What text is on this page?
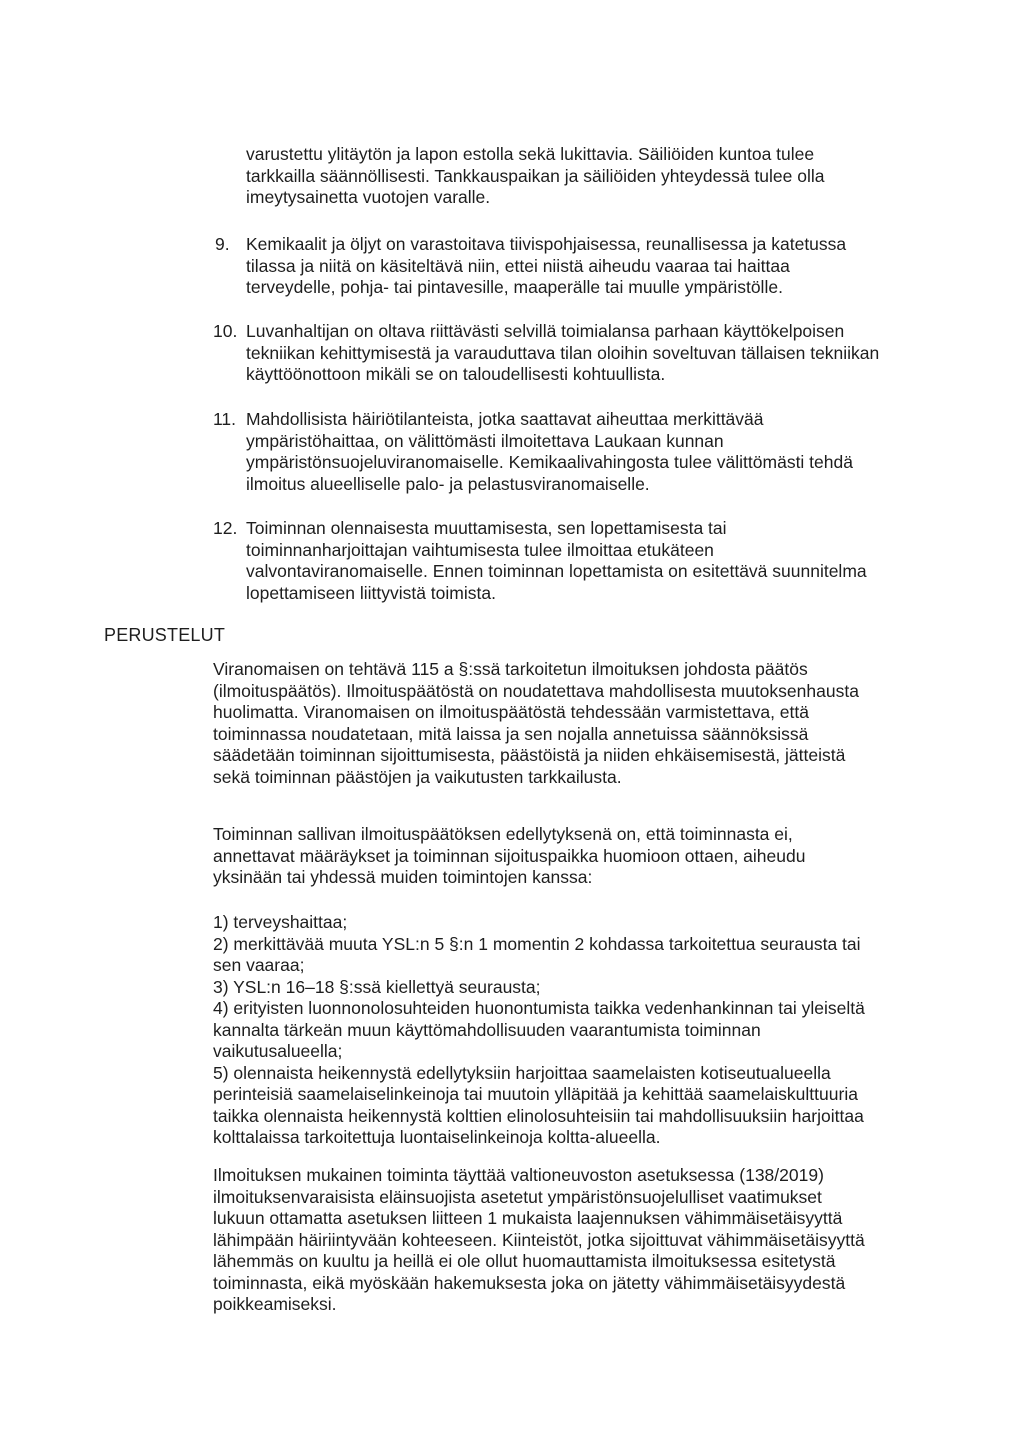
varustettu ylitäytön ja lapon estolla sekä lukittavia. Säiliöiden kuntoa tulee
tarkkailla säännöllisesti. Tankkauspaikan ja säiliöiden yhteydessä tulee olla
imeytysainetta vuotojen varalle.

9. Kemikaalit ja öljyt on varastoitava tiivispohjaisessa, reunallisessa ja katetussa
tilassa ja niitä on käsiteltävä niin, ettei niistä aiheudu vaaraa tai haittaa
terveydelle, pohja- tai pintavesille, maaperälle tai muulle ympäristölle.

10. Luvanhaltijan on oltava riittävästi selvillä toimialansa parhaan käyttökelpoisen
tekniikan kehittymisestä ja varauduttava tilan oloihin soveltuvan tällaisen tekniikan
käyttöönottoon mikäli se on taloudellisesti kohtuullista.

11. Mahdollisista häiriötilanteista, jotka saattavat aiheuttaa merkittävää
ympäristöhaittaa, on välittömästi ilmoitettava Laukaan kunnan
ympäristönsuojeluviranomaiselle. Kemikaalivahingosta tulee välittömästi tehdä
ilmoitus alueelliselle palo- ja pelastusviranomaiselle.

12. Toiminnan olennaisesta muuttamisesta, sen lopettamisesta tai
toiminnanharjoittajan vaihtumisesta tulee ilmoittaa etukäteen
valvontaviranomaiselle. Ennen toiminnan lopettamista on esitettävä suunnitelma
lopettamiseen liittyvistä toimista.

PERUSTELUT

Viranomaisen on tehtävä 115 a §:ssä tarkoitetun ilmoituksen johdosta päätös
(ilmoituspäätös). Ilmoituspäätöstä on noudatettava mahdollisesta muutoksenhausta
huolimatta. Viranomaisen on ilmoituspäätöstä tehdessään varmistettava, että
toiminnassa noudatetaan, mitä laissa ja sen nojalla annetuissa säännöksissä
säädetään toiminnan sijoittumisesta, päästöistä ja niiden ehkäisemisestä, jätteistä
sekä toiminnan päästöjen ja vaikutusten tarkkailusta.

Toiminnan sallivan ilmoituspäätöksen edellytyksenä on, että toiminnasta ei,
annettavat määräykset ja toiminnan sijoituspaikka huomioon ottaen, aiheudu
yksinään tai yhdessä muiden toimintojen kanssa:

1) terveyshaittaa;

2) merkittävää muuta YSL:n 5 §:n 1 momentin 2 kohdassa tarkoitettua seurausta tai
sen vaaraa;

3) YSL:n 16–18 §:ssä kiellettyä seurausta;

4) erityisten luonnonolosuhteiden huonontumista taikka vedenhankinnan tai yleiseltä
kannalta tärkeän muun käyttömahdollisuuden vaarantumista toiminnan
vaikutusalueella;

5) olennaista heikennystä edellytyksiin harjoittaa saamelaisten kotiseutualueella
perinteisiä saamelaiselinkeinoja tai muutoin ylläpitää ja kehittää saamelaiskulttuuria
taikka olennaista heikennystä kolttien elinolosuhteisiin tai mahdollisuuksiin harjoittaa
kolttalaissa tarkoitettuja luontaiselinkeinoja koltta-alueella.

Ilmoituksen mukainen toiminta täyttää valtioneuvoston asetuksessa (138/2019)
ilmoituksenvaraisista eläinsuojista asetetut ympäristönsuojelulliset vaatimukset
lukuun ottamatta asetuksen liitteen 1 mukaista laajennuksen vähimmäisetäisyyttä
lähimpään häiriintyvään kohteeseen. Kiinteistöt, jotka sijoittuvat vähimmäisetäisyyttä
lähemmäs on kuultu ja heillä ei ole ollut huomauttamista ilmoituksessa esitetystä
toiminnasta, eikä myöskään hakemuksesta joka on jätetty vähimmäisetäisyydestä
poikkeamiseksi.
